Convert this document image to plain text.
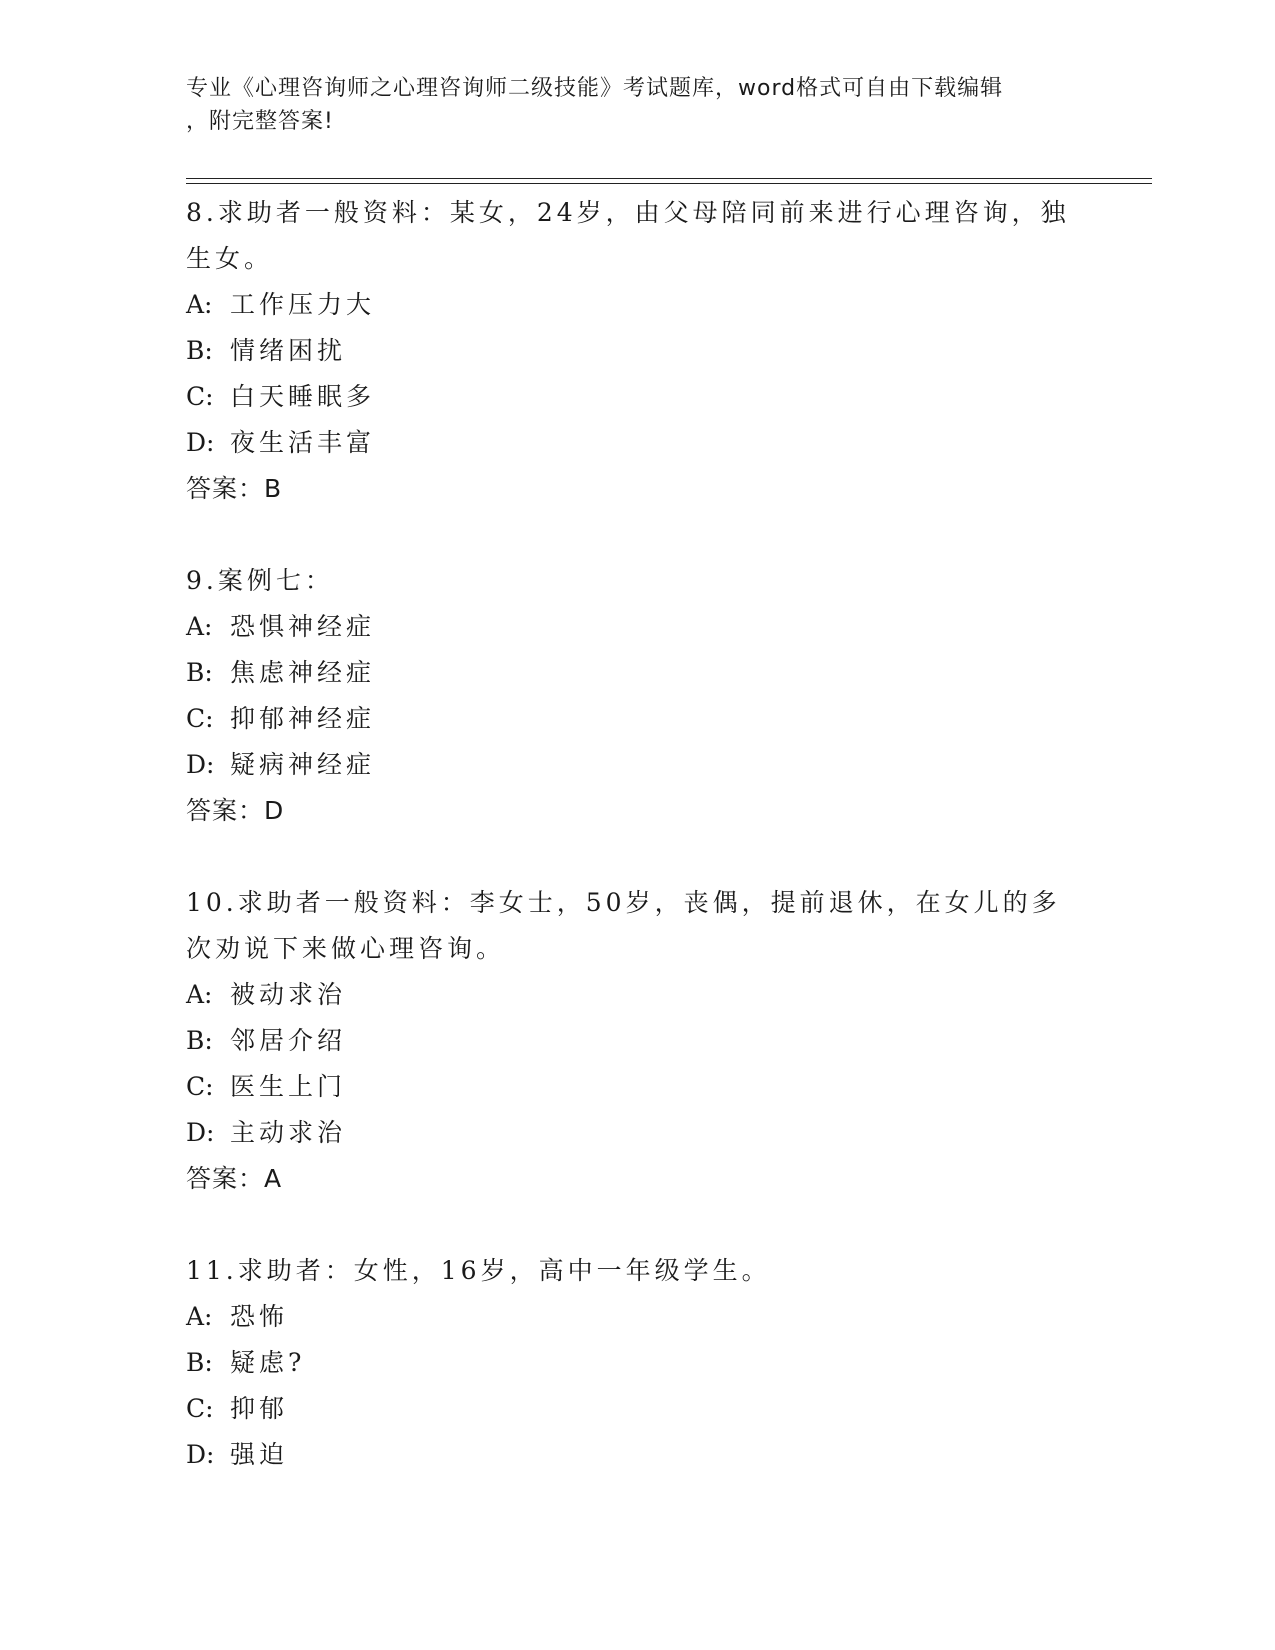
专业《心理咨询师之心理咨询师二级技能》考试题库，word格式可自由下载编辑
，附完整答案!
8.求助者一般资料：某女，24岁，由父母陪同前来进行心理咨询，独生女。
A: 工作压力大
B: 情绪困扰
C: 白天睡眠多
D: 夜生活丰富
答案：B
9.案例七：
A: 恐惧神经症
B: 焦虑神经症
C: 抑郁神经症
D: 疑病神经症
答案：D
10.求助者一般资料：李女士，50岁，丧偶，提前退休，在女儿的多次劝说下来做心理咨询。
A: 被动求治
B: 邻居介绍
C: 医生上门
D: 主动求治
答案：A
11.求助者：女性，16岁，高中一年级学生。
A: 恐怖
B: 疑虑?
C: 抑郁
D: 强迫
